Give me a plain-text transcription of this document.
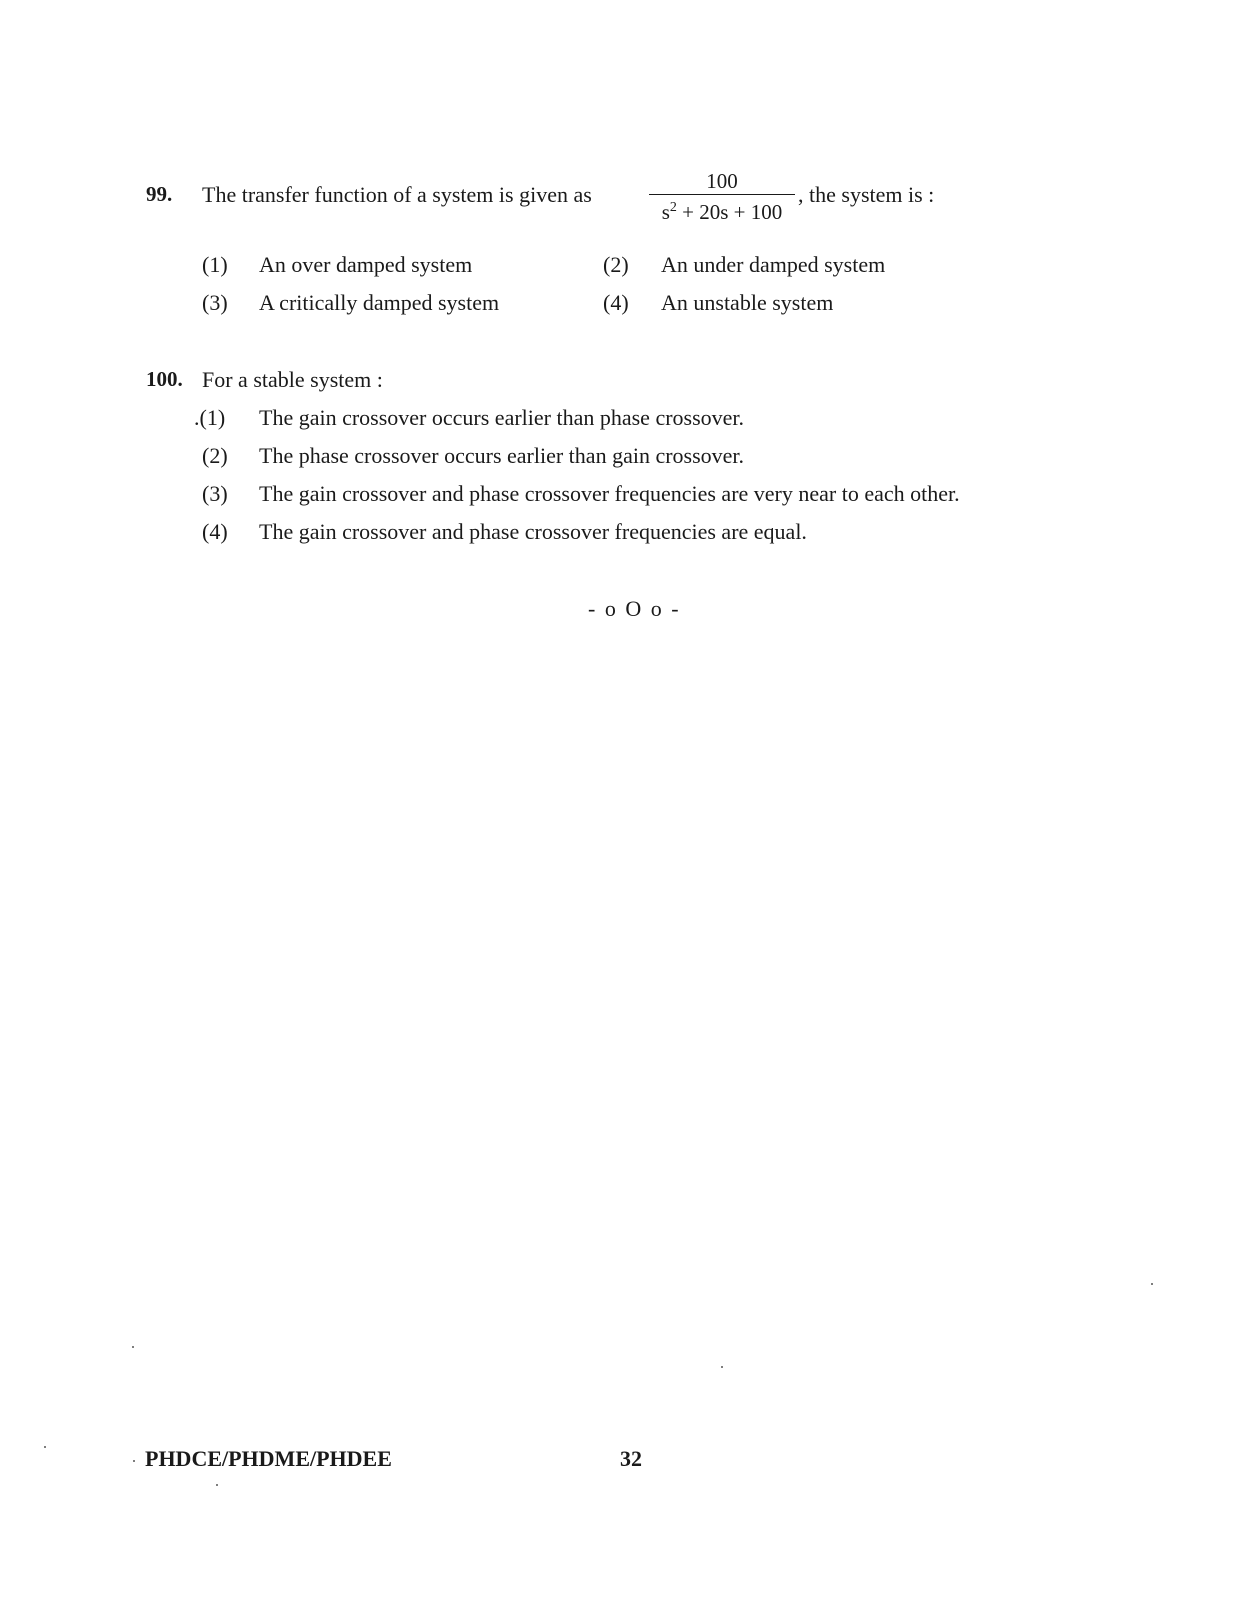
99. The transfer function of a system is given as
100
$s^2 + 20s + 100$
, the system is :
(1) An over damped system	(2) An under damped system
(3) A critically damped system	(4) An unstable system
100. For a stable system :
.(1) The gain crossover occurs earlier than phase crossover.
(2) The phase crossover occurs earlier than gain crossover.
(3) The gain crossover and phase crossover frequencies are very near to each other.
(4) The gain crossover and phase crossover frequencies are equal.
- o O o -
PHDCE/PHDME/PHDEE	32
